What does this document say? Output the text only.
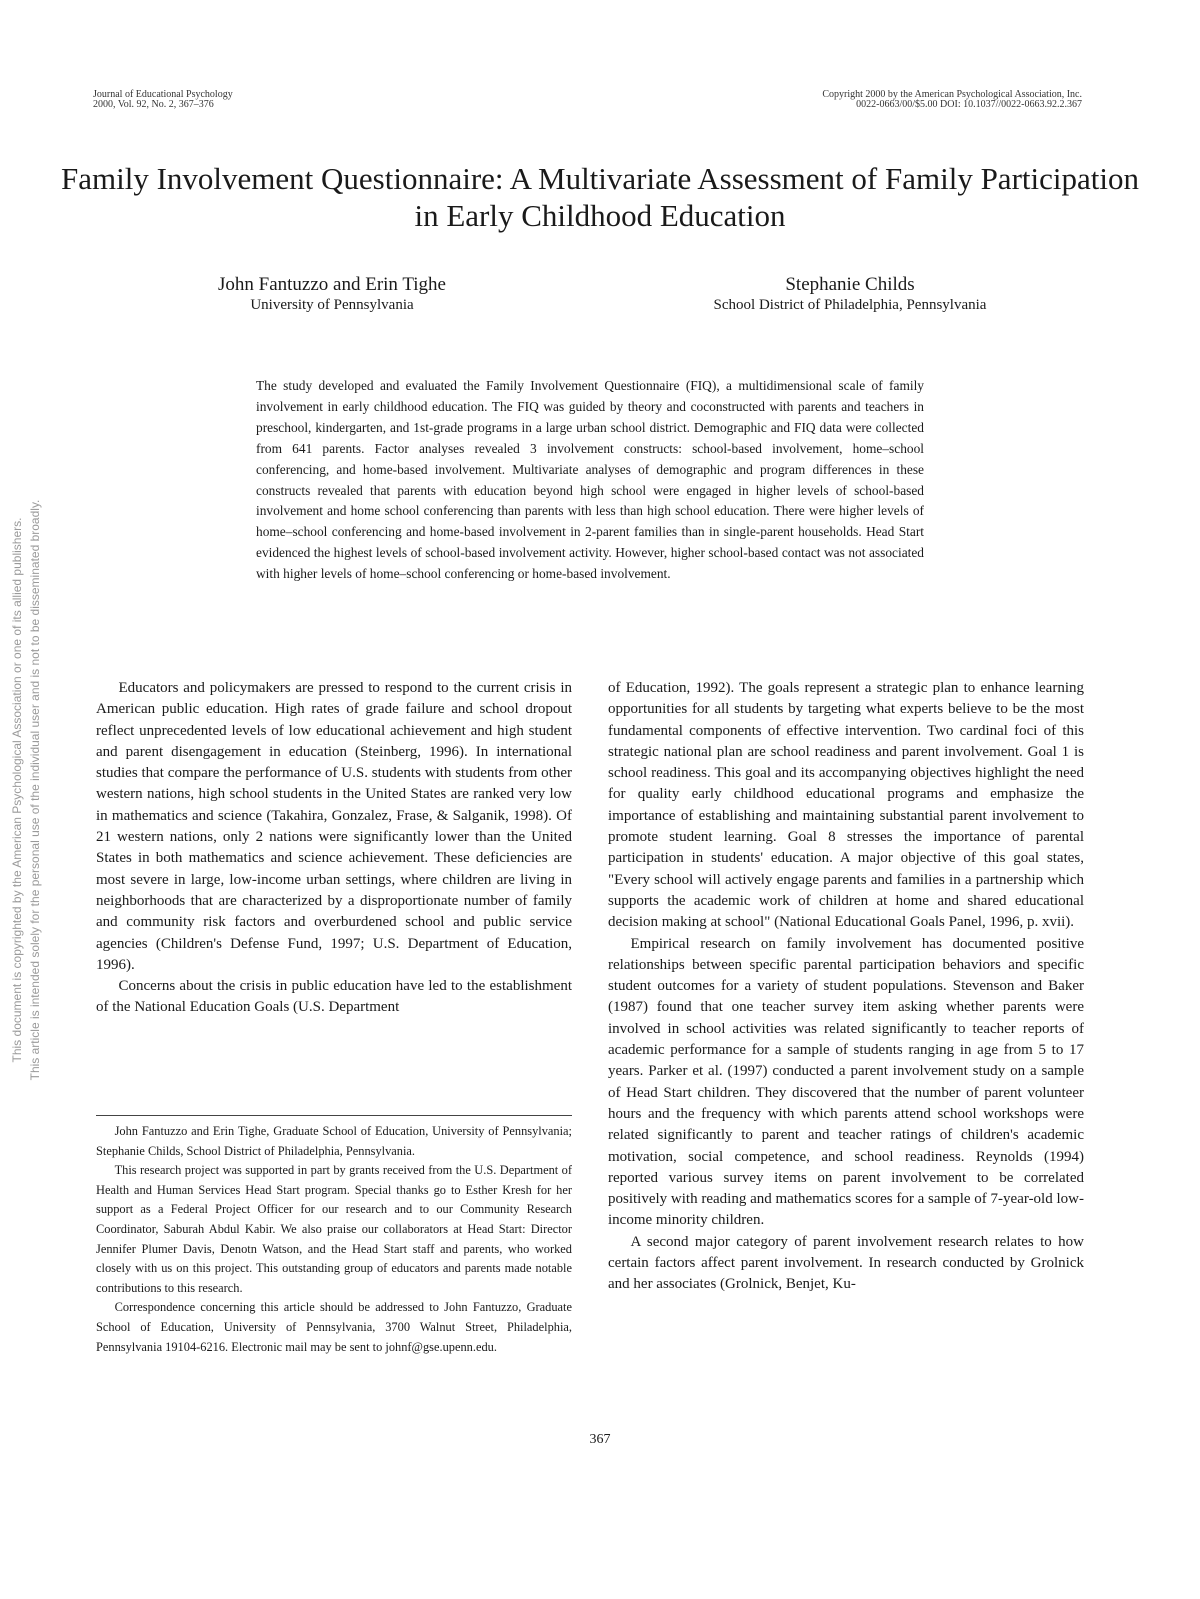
Journal of Educational Psychology
2000, Vol. 92, No. 2, 367–376
Copyright 2000 by the American Psychological Association, Inc.
0022-0663/00/$5.00 DOI: 10.1037//0022-0663.92.2.367
Family Involvement Questionnaire: A Multivariate Assessment of Family Participation in Early Childhood Education
John Fantuzzo and Erin Tighe
University of Pennsylvania
Stephanie Childs
School District of Philadelphia, Pennsylvania

The study developed and evaluated the Family Involvement Questionnaire (FIQ), a multidimensional scale of family involvement in early childhood education. The FIQ was guided by theory and coconstructed with parents and teachers in preschool, kindergarten, and 1st-grade programs in a large urban school district. Demographic and FIQ data were collected from 641 parents. Factor analyses revealed 3 involvement constructs: school-based involvement, home–school conferencing, and home-based involvement. Multivariate analyses of demographic and program differences in these constructs revealed that parents with education beyond high school were engaged in higher levels of school-based involvement and home school conferencing than parents with less than high school education. There were higher levels of home–school conferencing and home-based involvement in 2-parent families than in single-parent households. Head Start evidenced the highest levels of school-based involvement activity. However, higher school-based contact was not associated with higher levels of home–school conferencing or home-based involvement.

Educators and policymakers are pressed to respond to the current crisis in American public education. High rates of grade failure and school dropout reflect unprecedented levels of low educational achievement and high student and parent disengagement in education (Steinberg, 1996). In international studies that compare the performance of U.S. students with students from other western nations, high school students in the United States are ranked very low in mathematics and science (Takahira, Gonzalez, Frase, & Salganik, 1998). Of 21 western nations, only 2 nations were significantly lower than the United States in both mathematics and science achievement. These deficiencies are most severe in large, low-income urban settings, where children are living in neighborhoods that are characterized by a disproportionate number of family and community risk factors and overburdened school and public service agencies (Children's Defense Fund, 1997; U.S. Department of Education, 1996).

Concerns about the crisis in public education have led to the establishment of the National Education Goals (U.S. Department

John Fantuzzo and Erin Tighe, Graduate School of Education, University of Pennsylvania; Stephanie Childs, School District of Philadelphia, Pennsylvania.

This research project was supported in part by grants received from the U.S. Department of Health and Human Services Head Start program. Special thanks go to Esther Kresh for her support as a Federal Project Officer for our research and to our Community Research Coordinator, Saburah Abdul Kabir. We also praise our collaborators at Head Start: Director Jennifer Plumer Davis, Denotn Watson, and the Head Start staff and parents, who worked closely with us on this project. This outstanding group of educators and parents made notable contributions to this research.

Correspondence concerning this article should be addressed to John Fantuzzo, Graduate School of Education, University of Pennsylvania, 3700 Walnut Street, Philadelphia, Pennsylvania 19104-6216. Electronic mail may be sent to johnf@gse.upenn.edu.

of Education, 1992). The goals represent a strategic plan to enhance learning opportunities for all students by targeting what experts believe to be the most fundamental components of effective intervention. Two cardinal foci of this strategic national plan are school readiness and parent involvement. Goal 1 is school readiness. This goal and its accompanying objectives highlight the need for quality early childhood educational programs and emphasize the importance of establishing and maintaining substantial parent involvement to promote student learning. Goal 8 stresses the importance of parental participation in students' education. A major objective of this goal states, "Every school will actively engage parents and families in a partnership which supports the academic work of children at home and shared educational decision making at school" (National Educational Goals Panel, 1996, p. xvii).

Empirical research on family involvement has documented positive relationships between specific parental participation behaviors and specific student outcomes for a variety of student populations. Stevenson and Baker (1987) found that one teacher survey item asking whether parents were involved in school activities was related significantly to teacher reports of academic performance for a sample of students ranging in age from 5 to 17 years. Parker et al. (1997) conducted a parent involvement study on a sample of Head Start children. They discovered that the number of parent volunteer hours and the frequency with which parents attend school workshops were related significantly to parent and teacher ratings of children's academic motivation, social competence, and school readiness. Reynolds (1994) reported various survey items on parent involvement to be correlated positively with reading and mathematics scores for a sample of 7-year-old low-income minority children.

A second major category of parent involvement research relates to how certain factors affect parent involvement. In research conducted by Grolnick and her associates (Grolnick, Benjet, Ku-

367
This document is copyrighted by the American Psychological Association or one of its allied publishers. This article is intended solely for the personal use of the individual user and is not to be disseminated broadly.
